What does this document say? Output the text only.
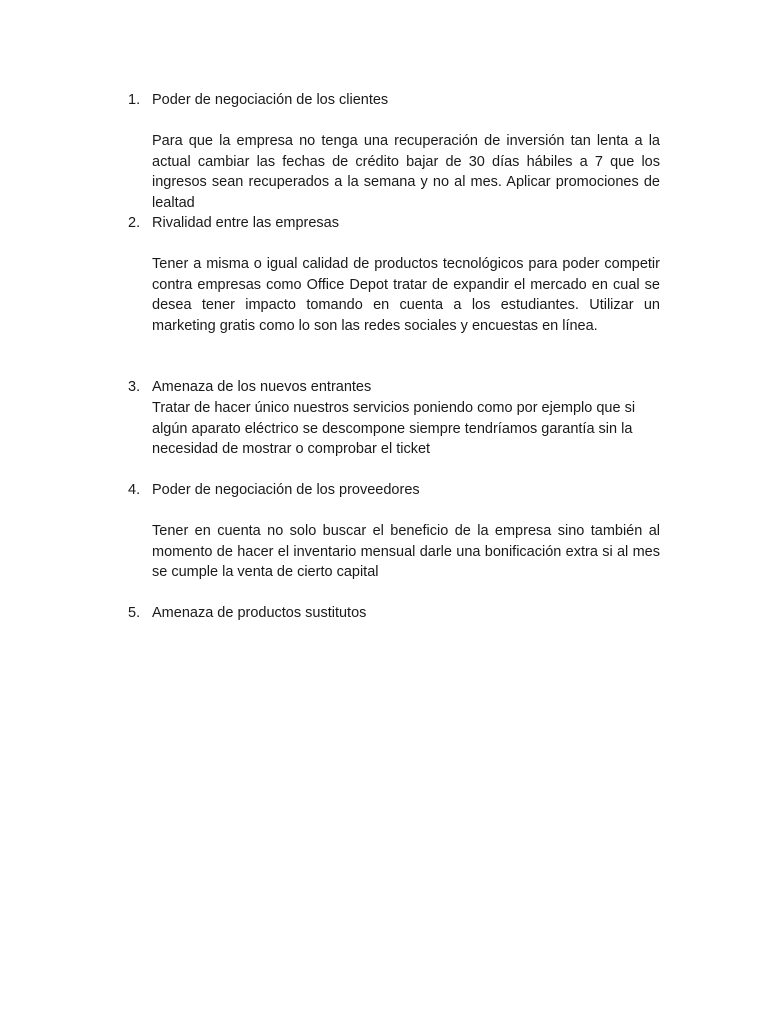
1. Poder de negociación de los clientes
Para que la empresa no tenga una recuperación de inversión tan lenta a la actual cambiar las fechas de crédito bajar de 30 días hábiles a 7 que los ingresos sean recuperados a la semana y no al mes. Aplicar promociones de lealtad
2. Rivalidad entre las empresas
Tener a misma o igual calidad de productos tecnológicos para poder competir contra empresas como Office Depot tratar de expandir el mercado en cual se desea tener impacto tomando en cuenta a los estudiantes. Utilizar un marketing gratis como lo son las redes sociales y encuestas en línea.
3. Amenaza de los nuevos entrantes
Tratar de hacer único nuestros servicios poniendo como por ejemplo que si algún aparato eléctrico se descompone siempre tendríamos garantía sin la necesidad de mostrar o comprobar el ticket
4. Poder de negociación de los proveedores
Tener en cuenta no solo buscar el beneficio de la empresa sino también al momento de hacer el inventario mensual darle una bonificación extra si al mes se cumple la venta de cierto capital
5. Amenaza de productos sustitutos
